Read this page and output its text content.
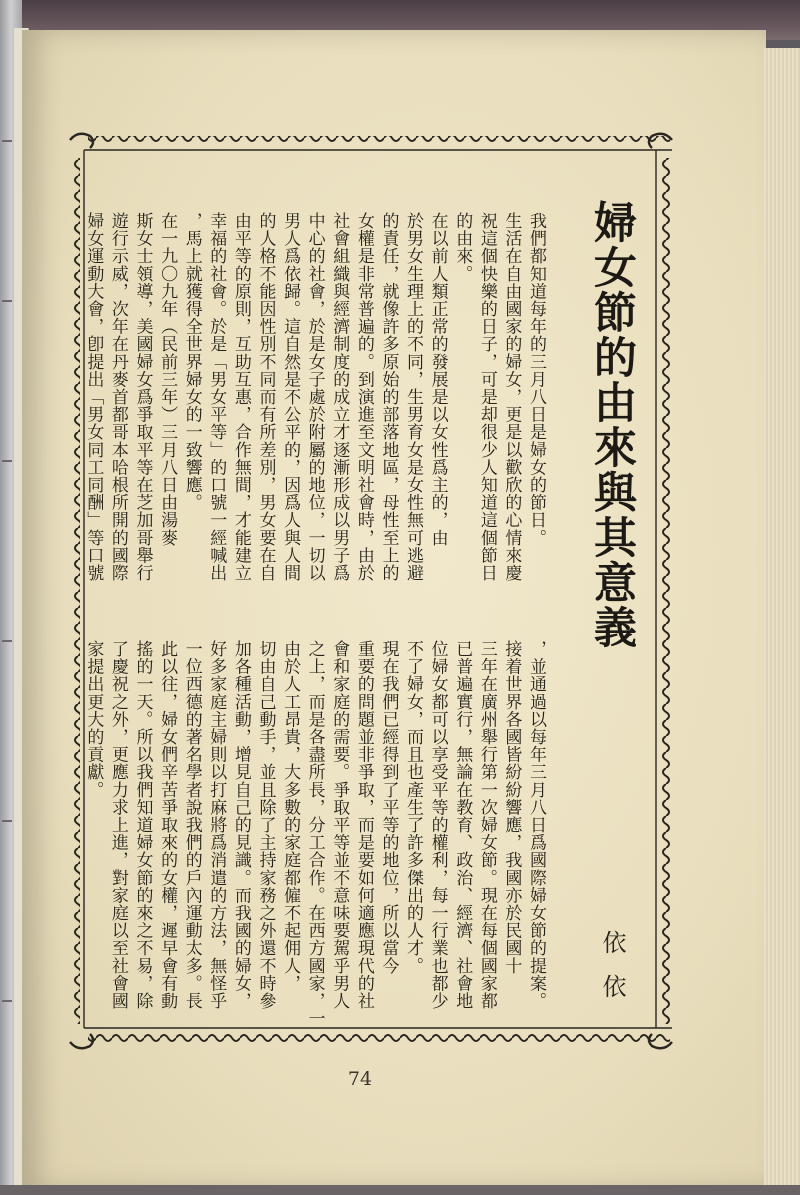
婦女節的由來與其意義
依依
我們都知道每年的三月八日是婦女的節日。
生活在自由國家的婦女，更是以歡欣的心情來慶
祝這個快樂的日子，可是却很少人知道這個節日
的由來。
在以前人類正常的發展是以女性爲主的，由
於男女生理上的不同，生男育女是女性無可逃避
的責任，就像許多原始的部落地區，母性至上的
女權是非常普遍的。到演進至文明社會時，由於
社會組織與經濟制度的成立才逐漸形成以男子爲
中心的社會，於是女子處於附屬的地位，一切以
男人爲依歸。這自然是不公平的，因爲人與人間
的人格不能因性別不同而有所差別，男女要在自
由平等的原則，互助互惠，合作無間，才能建立
幸福的社會。於是「男女平等」的口號一經喊出
，馬上就獲得全世界婦女的一致響應。
在一九〇九年（民前三年）三月八日由湯麥
斯女士領導，美國婦女爲爭取平等在芝加哥舉行
遊行示威，次年在丹麥首都哥本哈根所開的國際
婦女運動大會，卽提出「男女同工同酬」等口號
，並通過以每年三月八日爲國際婦女節的提案。
接着世界各國皆紛紛響應，我國亦於民國十
三年在廣州舉行第一次婦女節。現在每個國家都
已普遍實行，無論在教育、政治、經濟、社會地
位婦女都可以享受平等的權利，每一行業也都少
不了婦女，而且也產生了許多傑出的人才。
現在我們已經得到了平等的地位，所以當今
重要的問題並非爭取，而是要如何適應現代的社
會和家庭的需要。爭取平等並不意味要駕乎男人
之上，而是各盡所長，分工合作。在西方國家，一
由於人工昂貴，大多數的家庭都僱不起佣人，
切由自己動手，並且除了主持家務之外還不時參
加各種活動，增見自己的見識。而我國的婦女，
好多家庭主婦則以打麻將爲消遣的方法，無怪乎
一位西德的著名學者說我們的戶內運動太多。長
此以往，婦女們辛苦爭取來的女權，遲早會有動
搖的一天。所以我們知道婦女節的來之不易，除
了慶祝之外，更應力求上進，對家庭以至社會國
家提出更大的貢獻。
74
